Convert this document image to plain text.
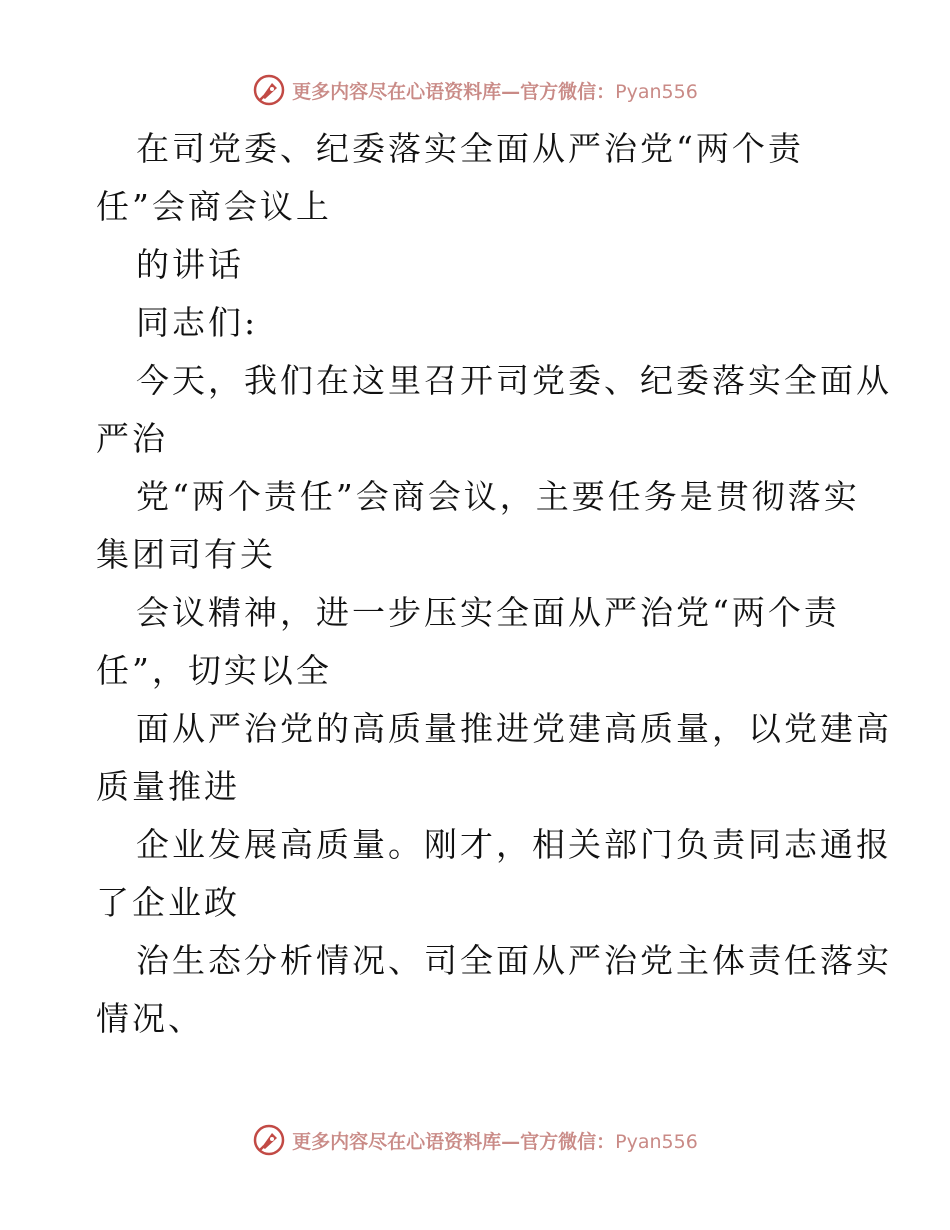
更多内容尽在心语资料库—官方微信：Pyan556
在司党委、纪委落实全面从严治党“两个责
任”会商会议上
的讲话
同志们:
今天，我们在这里召开司党委、纪委落实全面从
严治
党“两个责任”会商会议，主要任务是贯彻落实
集团司有关
会议精神，进一步压实全面从严治党“两个责
任”，切实以全
面从严治党的高质量推进党建高质量，以党建高
质量推进
企业发展高质量。刚才，相关部门负责同志通报
了企业政
治生态分析情况、司全面从严治党主体责任落实
情况、
更多内容尽在心语资料库—官方微信：Pyan556
